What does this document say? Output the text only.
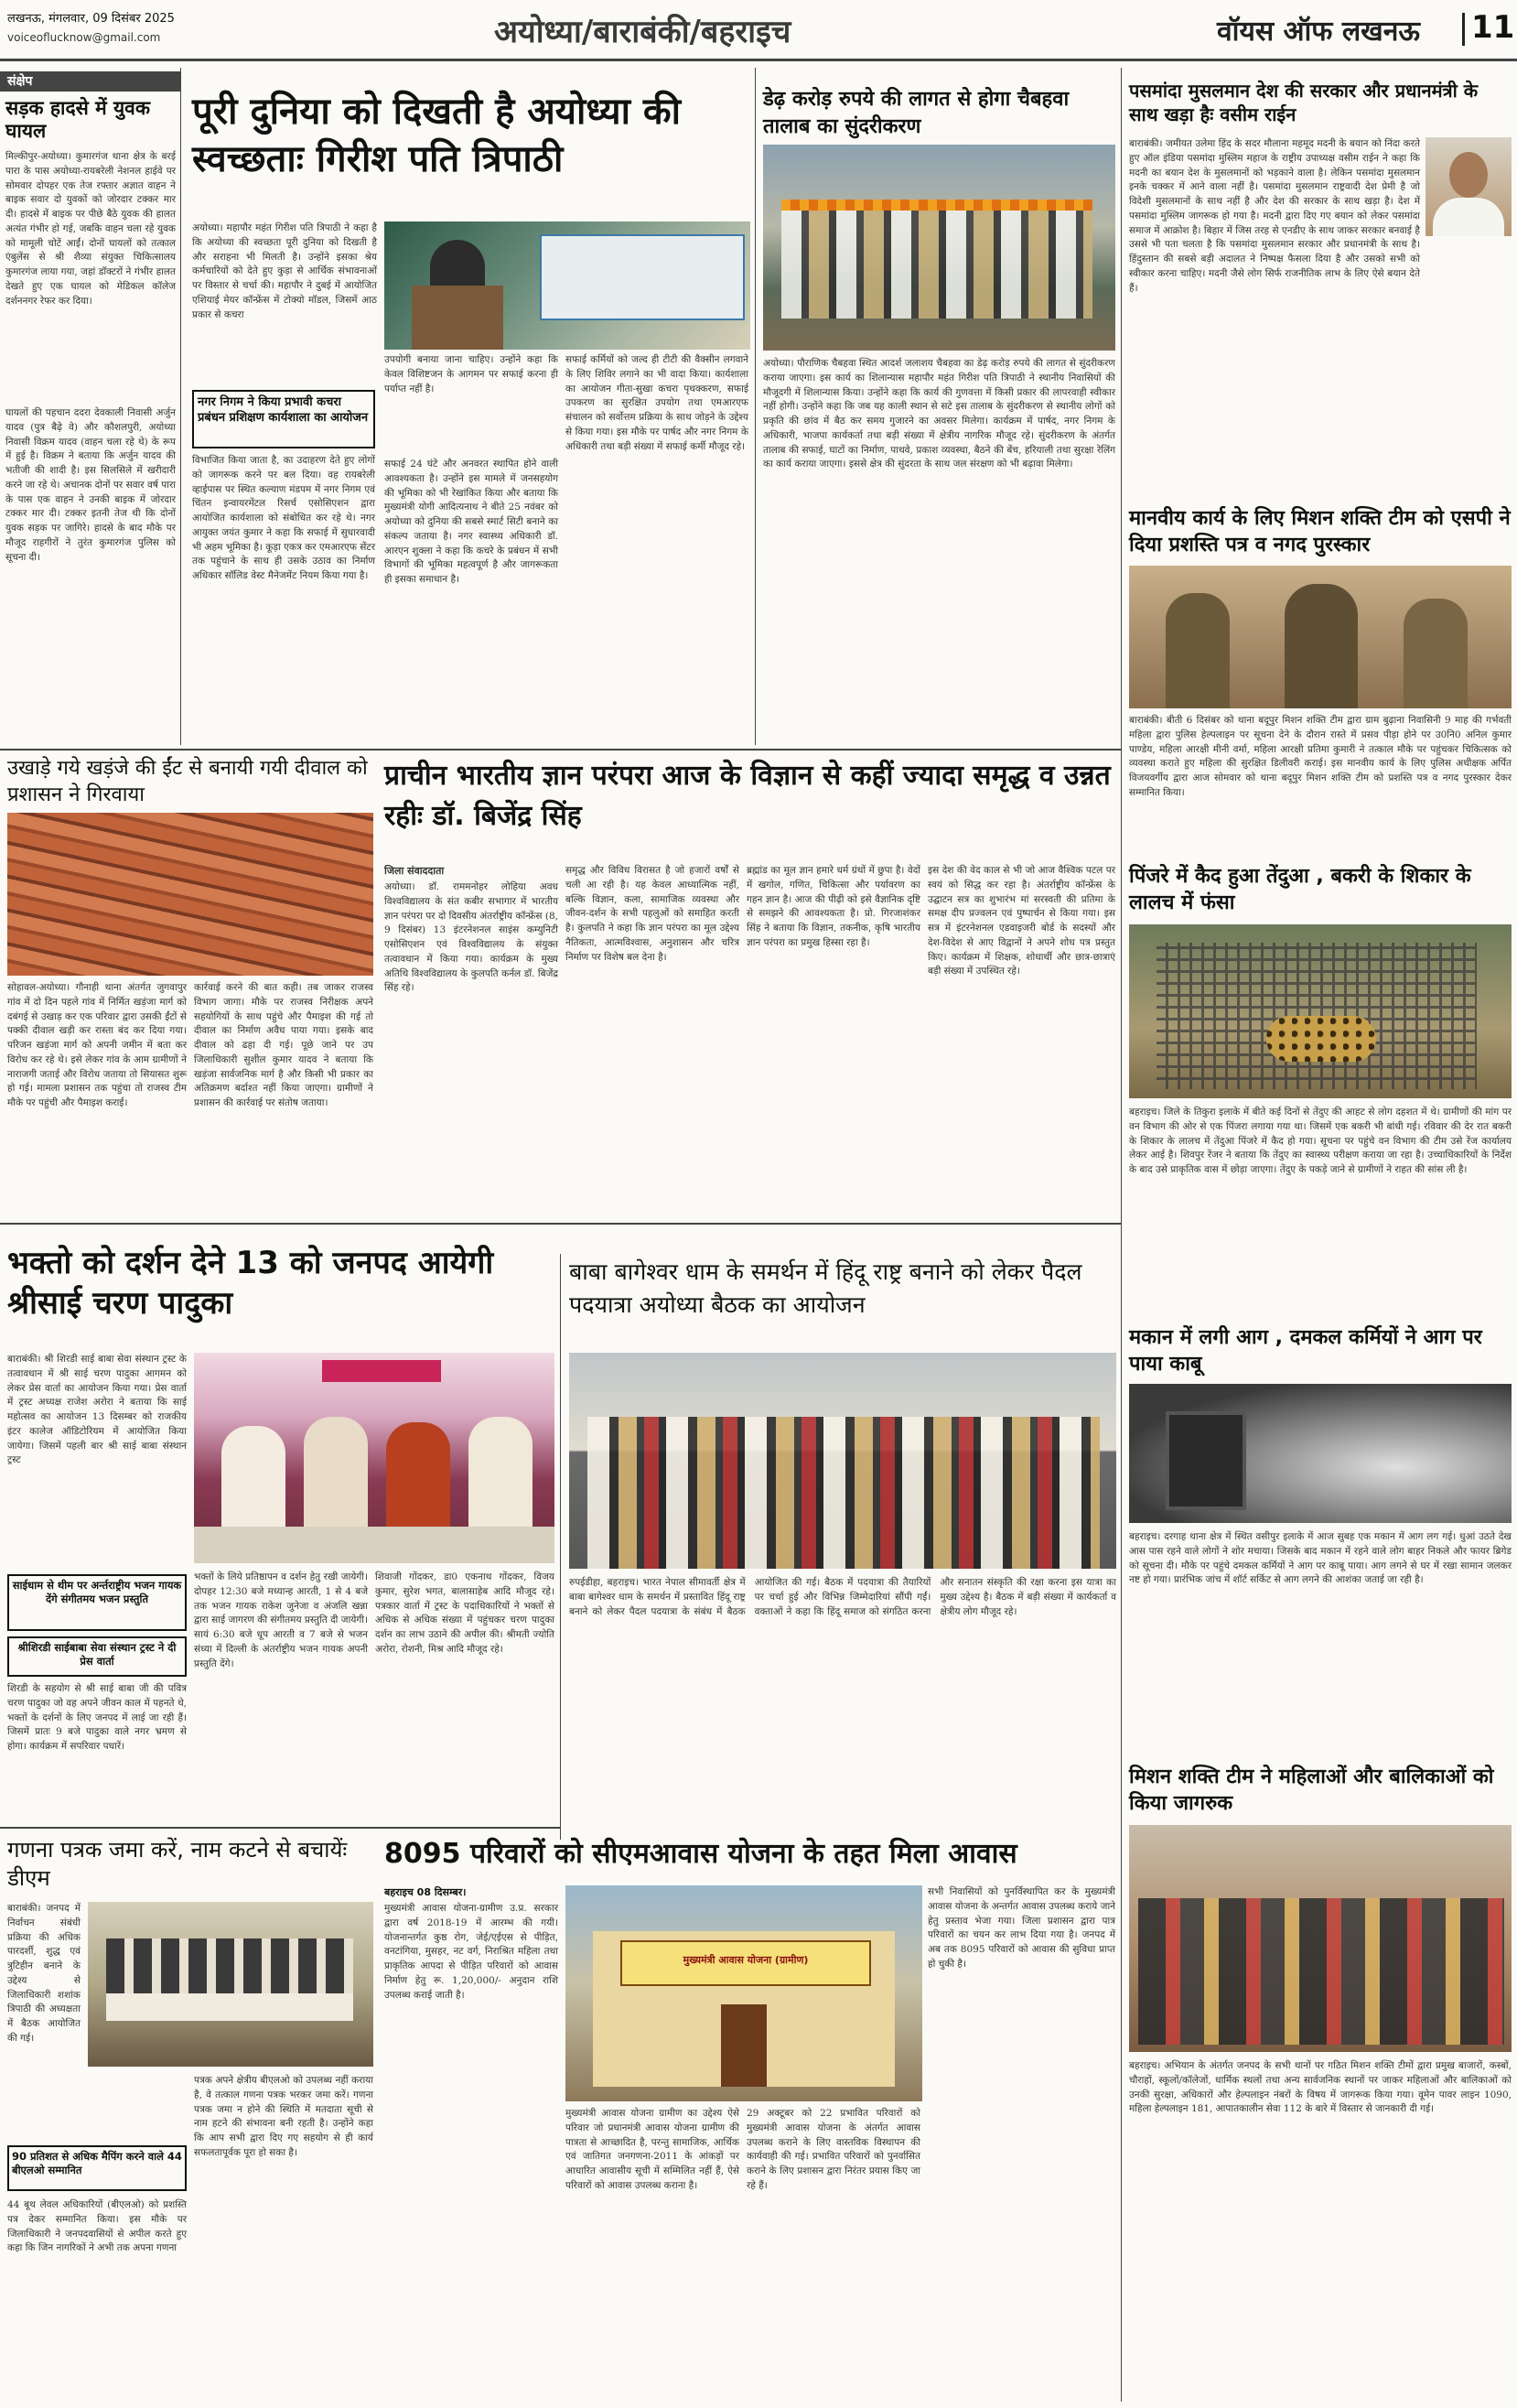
लखनऊ, मंगलवार, 09 दिसंबर 2025
voiceoflucknow@gmail.com	अयोध्या/बाराबंकी/बहराइच	वॉयस ऑफ लखनऊ 11
संक्षेप
सड़क हादसे में युवक घायल
मिल्कीपुर-अयोध्या। कुमारगंज थाना क्षेत्र के बरई पारा के पास अयोध्या-रायबरेली नेशनल हाईवे पर सोमवार दोपहर एक तेज रफ्तार अज्ञात वाहन ने बाइक सवार दो युवकों को जोरदार टक्कर मार दी। हादसे में बाइक पर पीछे बैठे युवक की हालत अत्यंत गंभीर हो गई, जबकि वाहन चला रहे युवक को मामूली चोटें आईं। दोनों घायलों को तत्काल एंबुलेंस से श्री शैव्या संयुक्त चिकित्सालय कुमारगंज लाया गया, जहां डॉक्टरों ने गंभीर हालत देखते हुए एक घायल को मेडिकल कॉलेज दर्शननगर रेफर कर दिया।
घायलों की पहचान ददरा देवकाली निवासी अर्जुन यादव (पुत्र बैढ़े वे) और कौशलपुरी, अयोध्या निवासी विक्रम यादव (वाहन चला रहे थे) के रूप में हुई है। विक्रम ने बताया कि अर्जुन यादव की भतीजी की शादी है। इस सिलसिले में खरीदारी करने जा रहे थे। अचानक दोनों पर सवार वर्ष पारा के पास एक वाहन ने उनकी बाइक में जोरदार टक्कर मार दी। टक्कर इतनी तेज थी कि दोनों युवक सड़क पर जागिरे। हादसे के बाद मौके पर मौजूद राहगीरों ने तुरंत कुमारगंज पुलिस को सूचना दी।
पूरी दुनिया को दिखती है अयोध्या की स्वच्छताः गिरीश पति त्रिपाठी
अयोध्या। महापौर महंत गिरीश पति त्रिपाठी ने कहा है कि अयोध्या की स्वच्छता पूरी दुनिया को दिखती है और सराहना भी मिलती है। उन्होंने इसका श्रेय कर्मचारियों को देते हुए कुड़ा से आर्थिक संभावनाओं पर विस्तार से चर्चा की। महापौर ने दुबई में आयोजित एशियाई मेयर कॉन्फ्रेंस में टोक्यो मॉडल, जिसमें आठ प्रकार से कचरा
उपयोगी बनाया जाना चाहिए। उन्होंने कहा कि केवल विशिष्टजन के आगमन पर सफाई करना ही पर्याप्त नहीं है।
नगर निगम ने किया प्रभावी कचरा प्रबंधन प्रशिक्षण कार्यशाला का आयोजन
विभाजित किया जाता है, का उदाहरण देते हुए लोगों को जागरूक करने पर बल दिया। वह रायबरेली व्हाईपास पर स्थित कल्याण मंडपम में नगर निगम एवं चिंतन इन्वायरमेंटल रिसर्च एसोसिएशन द्वारा आयोजित कार्यशाला को संबोधित कर रहे थे। नगर आयुक्त जयंत कुमार ने कहा कि सफाई में सुधारवादी भी अहम भूमिका है। कूड़ा एकत्र कर एमआरएफ सेंटर तक पहुंचाने के साथ ही उसके उठाव का निर्माण अधिकार सॉलिड वेस्ट मैनेजमेंट नियम किया गया है।
सफाई 24 घंटे और अनवरत स्थापित होने वाली आवश्यकता है। उन्होंने इस मामले में जनसहयोग की भूमिका को भी रेखांकित किया और बताया कि मुख्यमंत्री योगी आदित्यनाथ ने बीते 25 नवंबर को अयोध्या को दुनिया की सबसे स्मार्ट सिटी बनाने का संकल्प जताया है। नगर स्वास्थ्य अधिकारी डॉ. आरएन शुक्ला ने कहा कि कचरे के प्रबंधन में सभी विभागों की भूमिका महत्वपूर्ण है और जागरूकता ही इसका समाधान है।
सफाई कर्मियों को जल्द ही टीटी की वैक्सीन लगवाने के लिए शिविर लगाने का भी वादा किया। कार्यशाला का आयोजन गीता-सुखा कचरा पृथक्करण, सफाई उपकरण का सुरक्षित उपयोग तथा एमआरएफ संचालन को सर्वोत्तम प्रक्रिया के साथ जोड़ने के उद्देश्य से किया गया। इस मौके पर पार्षद और नगर निगम के अधिकारी तथा बड़ी संख्या में सफाई कर्मी मौजूद रहे।
डेढ़ करोड़ रुपये की लागत से होगा चैबहवा तालाब का सुंदरीकरण
अयोध्या। पौराणिक चैबहवा स्थित आदर्श जलाशय चैबहवा का डेढ़ करोड़ रुपये की लागत से सुंदरीकरण कराया जाएगा। इस कार्य का शिलान्यास महापौर महंत गिरीश पति त्रिपाठी ने स्थानीय निवासियों की मौजूदगी में शिलान्यास किया। उन्होंने कहा कि कार्य की गुणवत्ता में किसी प्रकार की लापरवाही स्वीकार नहीं होगी। उन्होंने कहा कि जब यह काली स्थान से सटे इस तालाब के सुंदरीकरण से स्थानीय लोगों को प्रकृति की छांव में बैठ कर समय गुजारने का अवसर मिलेगा। कार्यक्रम में पार्षद, नगर निगम के अधिकारी, भाजपा कार्यकर्ता तथा बड़ी संख्या में क्षेत्रीय नागरिक मौजूद रहे। सुंदरीकरण के अंतर्गत तालाब की सफाई, घाटों का निर्माण, पाथवे, प्रकाश व्यवस्था, बैठने की बेंच, हरियाली तथा सुरक्षा रेलिंग का कार्य कराया जाएगा। इससे क्षेत्र की सुंदरता के साथ जल संरक्षण को भी बढ़ावा मिलेगा।
पसमांदा मुसलमान देश की सरकार और प्रधानमंत्री के साथ खड़ा हैः वसीम राईन
बाराबंकी। जमीयत उलेमा हिंद के सदर मौलाना महमूद मदनी के बयान को निंदा करते हुए ऑल इंडिया पसमांदा मुस्लिम महाज के राष्ट्रीय उपाध्यक्ष वसीम राईन ने कहा कि मदनी का बयान देश के मुसलमानों को भड़काने वाला है। लेकिन पसमांदा मुसलमान इनके चक्कर में आने वाला नहीं है। पसमांदा मुसलमान राष्ट्रवादी देश प्रेमी है जो विदेशी मुसलमानों के साथ नहीं है और देश की सरकार के साथ खड़ा है। देश में पसमांदा मुस्लिम जागरूक हो गया है। मदनी द्वारा दिए गए बयान को लेकर पसमांदा समाज में आक्रोश है। बिहार में जिस तरह से एनडीए के साथ जाकर सरकार बनवाई है उससे भी पता चलता है कि पसमांदा मुसलमान सरकार और प्रधानमंत्री के साथ है। हिंदुस्तान की सबसे बड़ी अदालत ने निष्पक्ष फैसला दिया है और उसको सभी को स्वीकार करना चाहिए। मदनी जैसे लोग सिर्फ राजनीतिक लाभ के लिए ऐसे बयान देते हैं।
मानवीय कार्य के लिए मिशन शक्ति टीम को एसपी ने दिया प्रशस्ति पत्र व नगद पुरस्कार
बाराबंकी। बीती 6 दिसंबर को थाना बदूपुर मिशन शक्ति टीम द्वारा ग्राम बुढ़ाना निवासिनी 9 माह की गर्भवती महिला द्वारा पुलिस हेल्पलाइन पर सूचना देने के दौरान रास्ते में प्रसव पीड़ा होने पर उ0नि0 अनिल कुमार पाण्डेय, महिला आरक्षी मीनी वर्मा, महिला आरक्षी प्रतिमा कुमारी ने तत्काल मौके पर पहुंचकर चिकित्सक को व्यवस्था कराते हुए महिला की सुरक्षित डिलीवरी कराई। इस मानवीय कार्य के लिए पुलिस अधीक्षक अर्पित विजयवर्गीय द्वारा आज सोमवार को थाना बदूपुर मिशन शक्ति टीम को प्रशस्ति पत्र व नगद पुरस्कार देकर सम्मानित किया।
उखाड़े गये खड़ंजे की ईंट से बनायी गयी दीवाल को प्रशासन ने गिरवाया
सोहावल-अयोध्या। गौनाही थाना अंतर्गत जुगवापुर गांव में दो दिन पहले गांव में निर्मित खड़ंजा मार्ग को दबंगई से उखाड़ कर एक परिवार द्वारा उसकी ईंटों से पक्की दीवाल खड़ी कर रास्ता बंद कर दिया गया। परिजन खड़ंजा मार्ग को अपनी जमीन में बता कर विरोध कर रहे थे। इसे लेकर गांव के आम ग्रामीणों ने नाराजगी जताई और विरोध जताया तो सियासत शुरू हो गई। मामला प्रशासन तक पहुंचा तो राजस्व टीम मौके पर पहुंची और पैमाइश कराई।
कार्रवाई करने की बात कही। तब जाकर राजस्व विभाग जागा। मौके पर राजस्व निरीक्षक अपने सहयोगियों के साथ पहुंचे और पैमाइश की गई तो दीवाल का निर्माण अवैध पाया गया। इसके बाद दीवाल को ढहा दी गई। पूछे जाने पर उप जिलाधिकारी सुशील कुमार यादव ने बताया कि खड़ंजा सार्वजनिक मार्ग है और किसी भी प्रकार का अतिक्रमण बर्दाश्त नहीं किया जाएगा। ग्रामीणों ने प्रशासन की कार्रवाई पर संतोष जताया।
प्राचीन भारतीय ज्ञान परंपरा आज के विज्ञान से कहीं ज्यादा समृद्ध व उन्नत रहीः डॉ. बिजेंद्र सिंह
जिला संवाददाता
अयोध्या। डॉ. राममनोहर लोहिया अवध विश्वविद्यालय के संत कबीर सभागार में भारतीय ज्ञान परंपरा पर दो दिवसीय अंतर्राष्ट्रीय कॉन्फ्रेंस (8, 9 दिसंबर) 13 इंटरनेशनल साइंस कम्युनिटी एसोसिएशन एवं विश्वविद्यालय के संयुक्त तत्वावधान में किया गया। कार्यक्रम के मुख्य अतिथि विश्वविद्यालय के कुलपति कर्नल डॉ. बिजेंद्र सिंह रहे।
समृद्ध और विविध विरासत है जो हजारों वर्षों से चली आ रही है। यह केवल आध्यात्मिक नहीं, बल्कि विज्ञान, कला, सामाजिक व्यवस्था और जीवन-दर्शन के सभी पहलुओं को समाहित करती है। कुलपति ने कहा कि ज्ञान परंपरा का मूल उद्देश्य नैतिकता, आत्मविश्वास, अनुशासन और चरित्र निर्माण पर विशेष बल देना है।
ब्रह्मांड का मूल ज्ञान हमारे धर्म ग्रंथों में छुपा है। वेदों में खगोल, गणित, चिकित्सा और पर्यावरण का गहन ज्ञान है। आज की पीढ़ी को इसे वैज्ञानिक दृष्टि से समझने की आवश्यकता है। प्रो. गिरजाशंकर सिंह ने बताया कि विज्ञान, तकनीक, कृषि भारतीय ज्ञान परंपरा का प्रमुख हिस्सा रहा है।
इस देश की वेद काल से भी जो आज वैश्विक पटल पर स्वयं को सिद्ध कर रहा है। अंतर्राष्ट्रीय कॉन्फ्रेंस के उद्घाटन सत्र का शुभारंभ मां सरस्वती की प्रतिमा के समक्ष दीप प्रज्वलन एवं पुष्पार्चन से किया गया। इस सत्र में इंटरनेशनल एडवाइजरी बोर्ड के सदस्यों और देश-विदेश से आए विद्वानों ने अपने शोध पत्र प्रस्तुत किए। कार्यक्रम में शिक्षक, शोधार्थी और छात्र-छात्राएं बड़ी संख्या में उपस्थित रहे।
पिंजरे में कैद हुआ तेंदुआ , बकरी के शिकार के लालच में फंसा
बहराइच। जिले के तिकुरा इलाके में बीते कई दिनों से तेंदुए की आहट से लोग दहशत में थे। ग्रामीणों की मांग पर वन विभाग की ओर से एक पिंजरा लगाया गया था। जिसमें एक बकरी भी बांधी गई। रविवार की देर रात बकरी के शिकार के लालच में तेंदुआ पिंजरे में कैद हो गया। सूचना पर पहुंचे वन विभाग की टीम उसे रेंज कार्यालय लेकर आई है। शिवपुर रेंजर ने बताया कि तेंदुए का स्वास्थ्य परीक्षण कराया जा रहा है। उच्चाधिकारियों के निर्देश के बाद उसे प्राकृतिक वास में छोड़ा जाएगा। तेंदुए के पकड़े जाने से ग्रामीणों ने राहत की सांस ली है।
भक्तो को दर्शन देने 13 को जनपद आयेगी श्रीसाई चरण पादुका
बाराबंकी। श्री शिरडी साई बाबा सेवा संस्थान ट्रस्ट के तत्वावधान में श्री साई चरण पादुका आगमन को लेकर प्रेस वार्ता का आयोजन किया गया। प्रेस वार्ता में ट्रस्ट अध्यक्ष राजेश अरोरा ने बताया कि साई महोत्सव का आयोजन 13 दिसम्बर को राजकीय इंटर कालेज ऑडिटोरियम में आयोजित किया जायेगा। जिसमें पहली बार श्री साई बाबा संस्थान ट्रस्ट
साईधाम से थीम पर अर्न्तराष्ट्रीय भजन गायक देंगे संगीतमय भजन प्रस्तुति
श्रीशिरडी साईबाबा सेवा संस्थान ट्रस्ट ने दी प्रेस वार्ता
शिरडी के सहयोग से श्री साई बाबा जी की पवित्र चरण पादुका जो वह अपने जीवन काल में पहनते थे, भक्तों के दर्शनों के लिए जनपद में लाई जा रही हैं। जिसमें प्रातः 9 बजे पादुका वाले नगर भ्रमण से होगा। कार्यक्रम में सपरिवार पधारें।
भक्तों के लिये प्रतिष्ठापन व दर्शन हेतु रखी जायेगी। दोपहर 12:30 बजे मध्यान्ह आरती, 1 से 4 बजे तक भजन गायक राकेश जुनेजा व अंजलि खन्ना द्वारा साई जागरण की संगीतमय प्रस्तुति दी जायेगी। सायं 6:30 बजे धूप आरती व 7 बजे से भजन संध्या में दिल्ली के अंतर्राष्ट्रीय भजन गायक अपनी प्रस्तुति देंगे।
शिवाजी गोंदकर, डा0 एकनाथ गोंदकर, विजय कुमार, सुरेश भगत, बालासाहेब आदि मौजूद रहे। पत्रकार वार्ता में ट्रस्ट के पदाधिकारियों ने भक्तों से अधिक से अधिक संख्या में पहुंचकर चरण पादुका दर्शन का लाभ उठाने की अपील की। श्रीमती ज्योति अरोरा, रोशनी, मिश्र आदि मौजूद रहे।
बाबा बागेश्वर धाम के समर्थन में हिंदू राष्ट्र बनाने को लेकर पैदल पदयात्रा अयोध्या बैठक का आयोजन
रुपईडीहा, बहराइच। भारत नेपाल सीमावर्ती क्षेत्र में बाबा बागेश्वर धाम के समर्थन में प्रस्तावित हिंदू राष्ट्र बनाने को लेकर पैदल पदयात्रा के संबंध में बैठक आयोजित की गई। बैठक में पदयात्रा की तैयारियों पर चर्चा हुई और विभिन्न जिम्मेदारियां सौंपी गईं। वक्ताओं ने कहा कि हिंदू समाज को संगठित करना और सनातन संस्कृति की रक्षा करना इस यात्रा का मुख्य उद्देश्य है। बैठक में बड़ी संख्या में कार्यकर्ता व क्षेत्रीय लोग मौजूद रहे।
मकान में लगी आग , दमकल कर्मियों ने आग पर पाया काबू
बहराइच। दरगाह थाना क्षेत्र में स्थित वसीपुर इलाके में आज सुबह एक मकान में आग लग गई। धुआं उठते देख आस पास रहने वाले लोगों ने शोर मचाया। जिसके बाद मकान में रहने वाले लोग बाहर निकले और फायर ब्रिगेड को सूचना दी। मौके पर पहुंचे दमकल कर्मियों ने आग पर काबू पाया। आग लगने से घर में रखा सामान जलकर नष्ट हो गया। प्रारंभिक जांच में शॉर्ट सर्किट से आग लगने की आशंका जताई जा रही है।
गणना पत्रक जमा करें, नाम कटने से बचायेंः डीएम
बाराबंकी। जनपद में निर्वाचन संबंधी प्रक्रिया की अधिक पारदर्शी, शुद्ध एवं त्रुटिहीन बनाने के उद्देश्य से जिलाधिकारी शशांक त्रिपाठी की अध्यक्षता में बैठक आयोजित की गई।
90 प्रतिशत से अधिक मैपिंग करने वाले 44 बीएलओ सम्मानित
44 बूथ लेवल अधिकारियों (बीएलओ) को प्रशस्ति पत्र देकर सम्मानित किया। इस मौके पर जिलाधिकारी ने जनपदवासियों से अपील करते हुए कहा कि जिन नागरिकों ने अभी तक अपना गणना
पत्रक अपने क्षेत्रीय बीएलओ को उपलब्ध नहीं कराया है, वे तत्काल गणना पत्रक भरकर जमा करें। गणना पत्रक जमा न होने की स्थिति में मतदाता सूची से नाम हटने की संभावना बनी रहती है। उन्होंने कहा कि आप सभी द्वारा दिए गए सहयोग से ही कार्य सफलतापूर्वक पूरा हो सका है।
8095 परिवारों को सीएमआवास योजना के तहत मिला आवास
बहराइच 08 दिसम्बर।
मुख्यमंत्री आवास योजना-ग्रामीण उ.प्र. सरकार द्वारा वर्ष 2018-19 में आरम्भ की गयी। योजनान्तर्गत कुष्ठ रोग, जेई/एईएस से पीड़ित, वनटांगिया, मुसहर, नट वर्ग, निराश्रित महिला तथा प्राकृतिक आपदा से पीड़ित परिवारों को आवास निर्माण हेतु रू. 1,20,000/- अनुदान राशि उपलब्ध कराई जाती है।
मुख्यमंत्री आवास योजना (ग्रामीण)
मुख्यमंत्री आवास योजना ग्रामीण का उद्देश्य ऐसे परिवार जो प्रधानमंत्री आवास योजना ग्रामीण की पात्रता से आच्छादित है, परन्तु सामाजिक, आर्थिक एवं जातिगत जनगणना-2011 के आंकड़ों पर आधारित आवासीय सूची में सम्मिलित नहीं हैं, ऐसे परिवारों को आवास उपलब्ध कराना है।
29 अक्टूबर को 22 प्रभावित परिवारों को मुख्यमंत्री आवास योजना के अंतर्गत आवास उपलब्ध कराने के लिए वास्तविक विस्थापन की कार्यवाही की गई। प्रभावित परिवारों को पुनर्वासित कराने के लिए प्रशासन द्वारा निरंतर प्रयास किए जा रहे हैं।
सभी निवासियों को पुनर्विस्थापित कर के मुख्यमंत्री आवास योजना के अन्तर्गत आवास उपलब्ध कराये जाने हेतु प्रस्ताव भेजा गया। जिला प्रशासन द्वारा पात्र परिवारों का चयन कर लाभ दिया गया है। जनपद में अब तक 8095 परिवारों को आवास की सुविधा प्राप्त हो चुकी है।
मिशन शक्ति टीम ने महिलाओं और बालिकाओं को किया जागरुक
बहराइच। अभियान के अंतर्गत जनपद के सभी थानों पर गठित मिशन शक्ति टीमों द्वारा प्रमुख बाजारों, कस्बों, चौराहों, स्कूलों/कॉलेजों, धार्मिक स्थलों तथा अन्य सार्वजनिक स्थानों पर जाकर महिलाओं और बालिकाओं को उनकी सुरक्षा, अधिकारों और हेल्पलाइन नंबरों के विषय में जागरूक किया गया। वूमेन पावर लाइन 1090, महिला हेल्पलाइन 181, आपातकालीन सेवा 112 के बारे में विस्तार से जानकारी दी गई।
